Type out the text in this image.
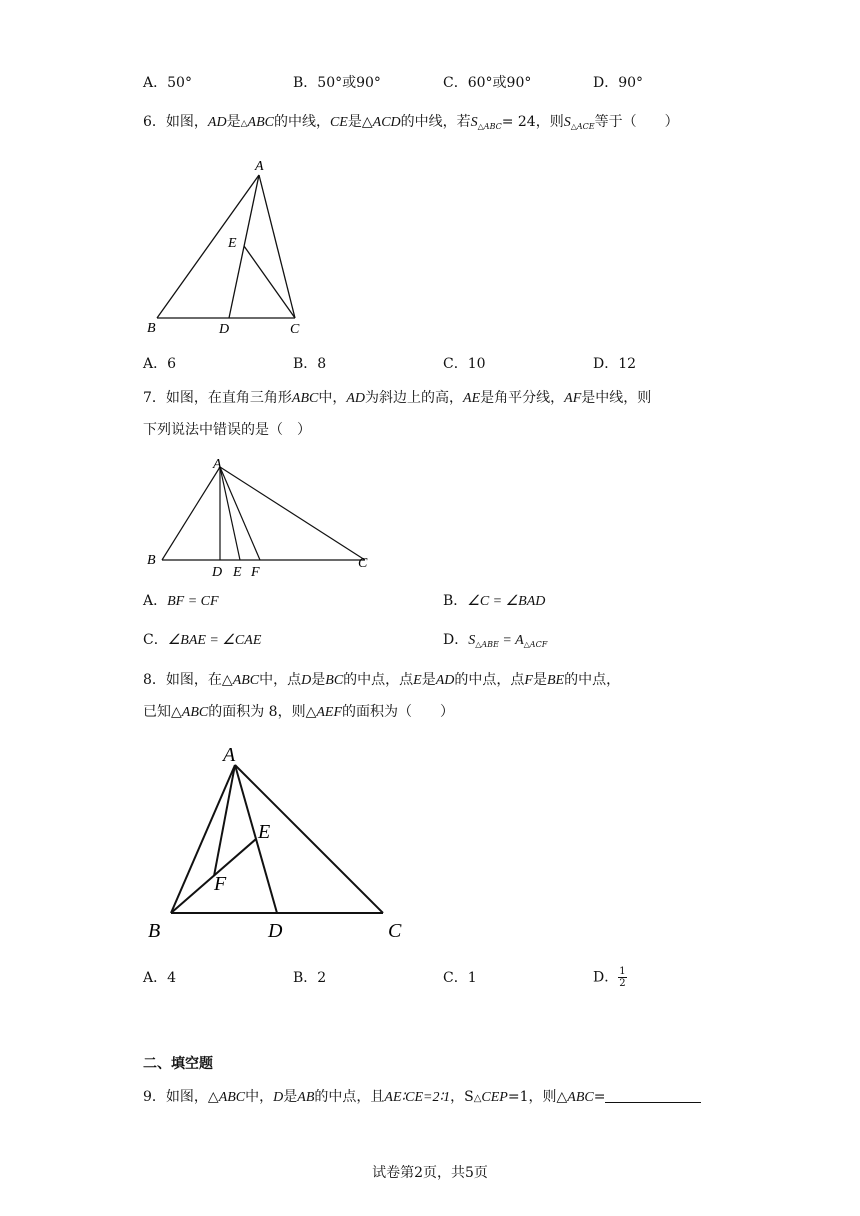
A．50°	B．50°或90°	C．60°或90°	D．90°
6．如图，AD是△ABC的中线，CE是△ACD的中线，若$S_{\triangle ABC}= 24$，则$S_{\triangle ACE}$等于（　　）
A
B	D	C
E
A．6	B．8	C．10	D．12
7．如图，在直角三角形ABC中，AD为斜边上的高，AE是角平分线，AF是中线，则
下列说法中错误的是（　）
A
B
D E F
C
A．BF = CF	B．∠C = ∠BAD
C．∠BAE = ∠CAE	D．$S_{\triangle ABE} = A_{\triangle ACF}$
8．如图，在△ABC中，点D是BC的中点，点E是AD的中点，点F是BE的中点，
已知△ABC的面积为 8，则△AEF的面积为（　　）
A
B	D	C
E
F
A．4	B．2	C．1	D． $\frac{1}{2}$
二、填空题
9．如图，△ABC中，D是AB的中点，且AE∶CE=2∶1，S△CEP=1，则△ABC=
试卷第2页，共5页
